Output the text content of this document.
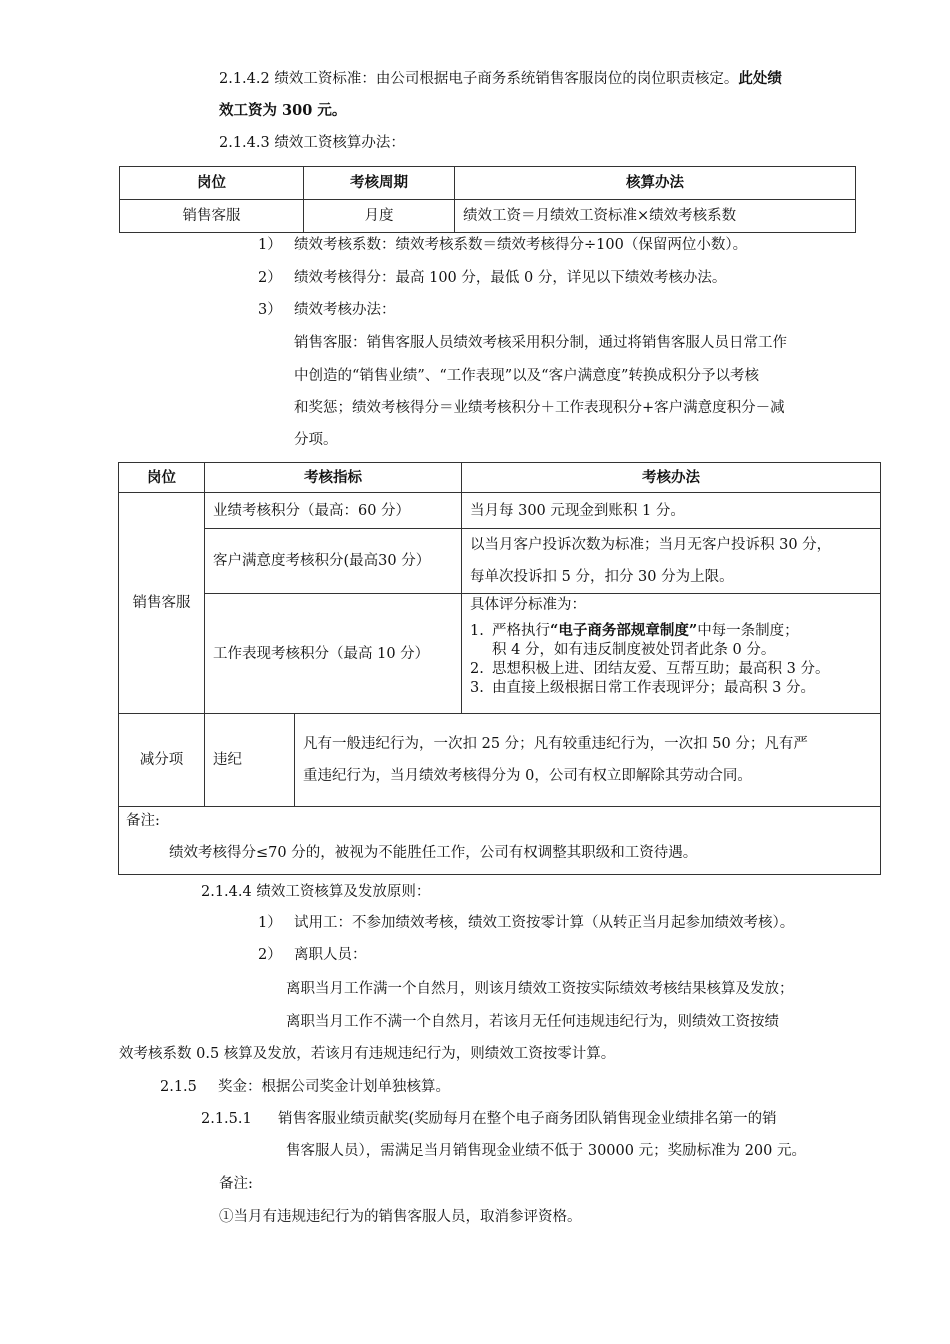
2.1.4.2 绩效工资标准：由公司根据电子商务系统销售客服岗位的岗位职责核定。此处绩
效工资为 300 元。
2.1.4.3 绩效工资核算办法：
岗位	考核周期	核算办法
销售客服	月度	绩效工资＝月绩效工资标准×绩效考核系数
1） 绩效考核系数：绩效考核系数＝绩效考核得分÷100（保留两位小数）。
2） 绩效考核得分：最高 100 分，最低 0 分，详见以下绩效考核办法。
3） 绩效考核办法：
销售客服：销售客服人员绩效考核采用积分制，通过将销售客服人员日常工作
中创造的“销售业绩”、“工作表现”以及“客户满意度”转换成积分予以考核
和奖惩；绩效考核得分＝业绩考核积分＋工作表现积分+客户满意度积分－减
分项。
岗位	考核指标		考核办法
销售客服	业绩考核积分（最高：60 分）		当月每 300 元现金到账积 1 分。
	客户满意度考核积分(最高30 分）		以当月客户投诉次数为标准；当月无客户投诉积 30 分，
每单次投诉扣 5 分，扣分 30 分为上限。

	工作表现考核积分（最高 10 分）		具体评分标准为：
1. 严格执行“电子商务部规章制度”中每一条制度；
积 4 分，如有违反制度被处罚者此条 0 分。
2. 思想积极上进、团结友爱、互帮互助；最高积 3 分。
3. 由直接上级根据日常工作表现评分；最高积 3 分。

减分项	违纪	凡有一般违纪行为，一次扣 25 分；凡有较重违纪行为，一次扣 50 分；凡有严
重违纪行为，当月绩效考核得分为 0，公司有权立即解除其劳动合同。	

备注:
绩效考核得分≤70 分的，被视为不能胜任工作，公司有权调整其职级和工资待遇。			
2.1.4.4 绩效工资核算及发放原则：
1） 试用工：不参加绩效考核，绩效工资按零计算（从转正当月起参加绩效考核）。
2） 离职人员：
离职当月工作满一个自然月，则该月绩效工资按实际绩效考核结果核算及发放；
离职当月工作不满一个自然月，若该月无任何违规违纪行为，则绩效工资按绩
效考核系数 0.5 核算及发放，若该月有违规违纪行为，则绩效工资按零计算。
2.1.5 奖金：根据公司奖金计划单独核算。
2.1.5.1 销售客服业绩贡献奖(奖励每月在整个电子商务团队销售现金业绩排名第一的销
售客服人员），需满足当月销售现金业绩不低于 30000 元；奖励标准为 200 元。
备注:
①当月有违规违纪行为的销售客服人员，取消参评资格。
